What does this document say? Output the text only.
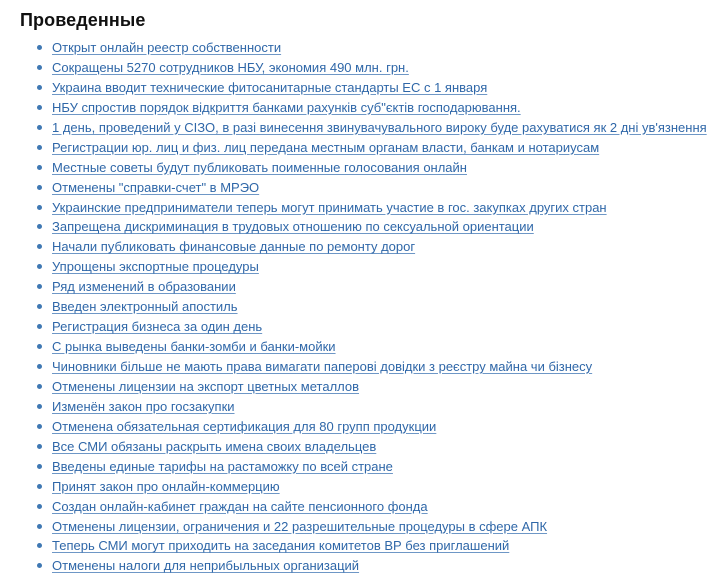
Проведенные
Открыт онлайн реестр собственности
Сокращены 5270 сотрудников НБУ, экономия 490 млн. грн.
Украина вводит технические фитосанитарные стандарты ЕС с 1 января
НБУ спростив порядок відкриття банками рахунків суб"єктів господарювання.
1 день, проведений у СІЗО, в разі винесення звинувачувального вироку буде рахуватися як 2 дні ув'язнення
Регистрации юр. лиц и физ. лиц передана местным органам власти, банкам и нотариусам
Местные советы будут публиковать поименные голосования онлайн
Отменены "справки-счет" в МРЭО
Украинские предприниматели теперь могут принимать участие в гос. закупках других стран
Запрещена дискриминация в трудовых отношению по сексуальной ориентации
Начали публиковать финансовые данные по ремонту дорог
Упрощены экспортные процедуры
Ряд изменений в образовании
Введен электронный апостиль
Регистрация бизнеса за один день
С рынка выведены банки-зомби и банки-мойки
Чиновники більше не мають права вимагати паперові довідки з реєстру майна чи бізнесу
Отменены лицензии на экспорт цветных металлов
Изменён закон про госзакупки
Отменена обязательная сертификация для 80 групп продукции
Все СМИ обязаны раскрыть имена своих владельцев
Введены единые тарифы на растаможку по всей стране
Принят закон про онлайн-коммерцию
Создан онлайн-кабинет граждан на сайте пенсионного фонда
Отменены лицензии, ограничения и 22 разрешительные процедуры в сфере АПК
Теперь СМИ могут приходить на заседания комитетов ВР без приглашений
Отменены налоги для неприбыльных организаций
